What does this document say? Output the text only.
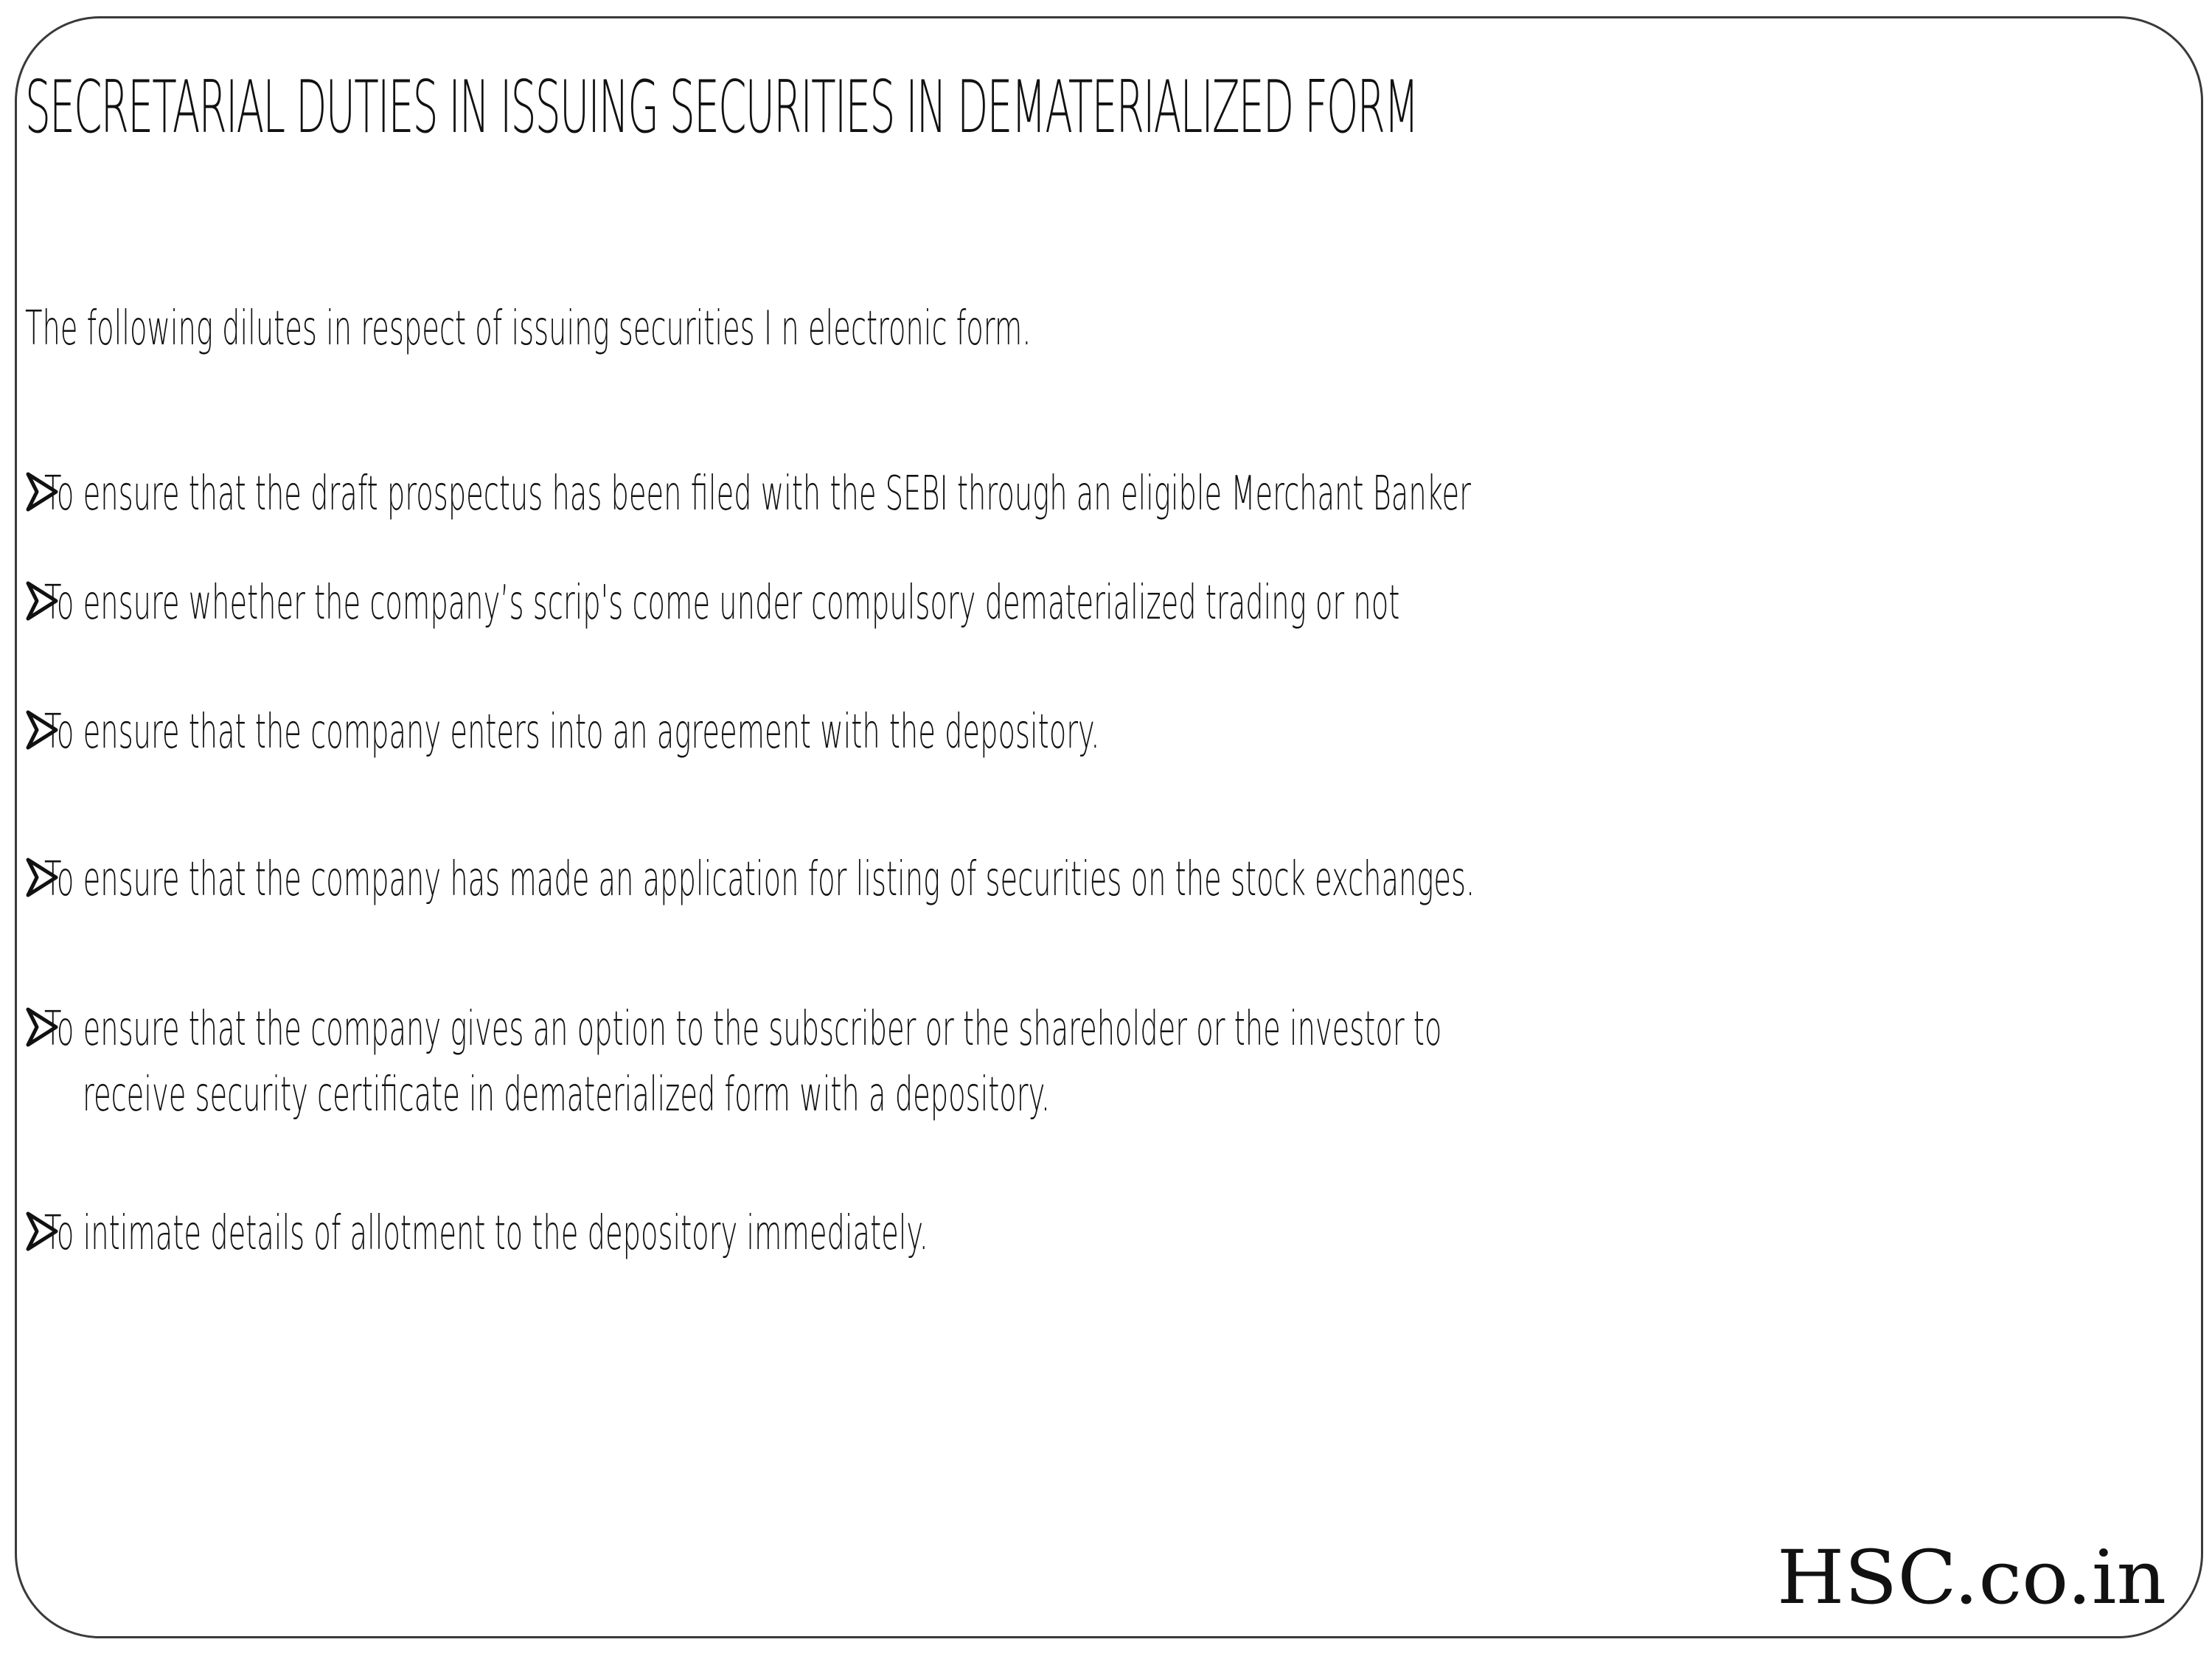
SECRETARIAL DUTIES IN ISSUING SECURITIES IN DEMATERIALIZED FORM
The following dilutes in respect of issuing securities I n electronic form.
To ensure that the draft prospectus has been filed with the SEBI through an eligible Merchant Banker
To ensure whether the company’s scrip's come under compulsory dematerialized trading or not
To ensure that the company enters into an agreement with the depository.
To ensure that the company has made an application for listing of securities on the stock exchanges.
To ensure that the company gives an option to the subscriber or the shareholder or the investor to
receive security certificate in dematerialized form with a depository.
To intimate details of allotment to the depository immediately.
HSC.co.in
